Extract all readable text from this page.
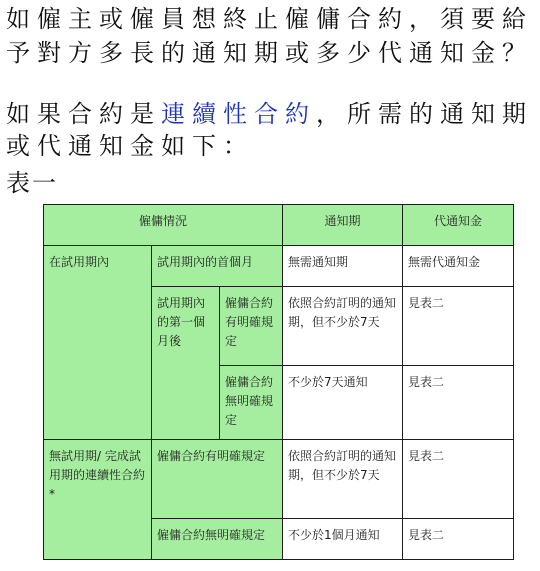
如僱主或僱員想終止僱傭合約，須要給予對方多長的通知期或多少代通知金？
如果合約是連續性合約，所需的通知期或代通知金如下：
表一
僱傭情況			通知期	代通知金
在試用期內	試用期內的首個月		無需通知期	無需代通知金
	試用期內的第一個月後	僱傭合約有明確規定	依照合約訂明的通知期，但不少於7天	見表二
		僱傭合約無明確規定	不少於7天通知	見表二
無試用期/ 完成試用期的連續性合約*	僱傭合約有明確規定		依照合約訂明的通知期，但不少於7天	見表二
	僱傭合約無明確規定		不少於1個月通知	見表二
